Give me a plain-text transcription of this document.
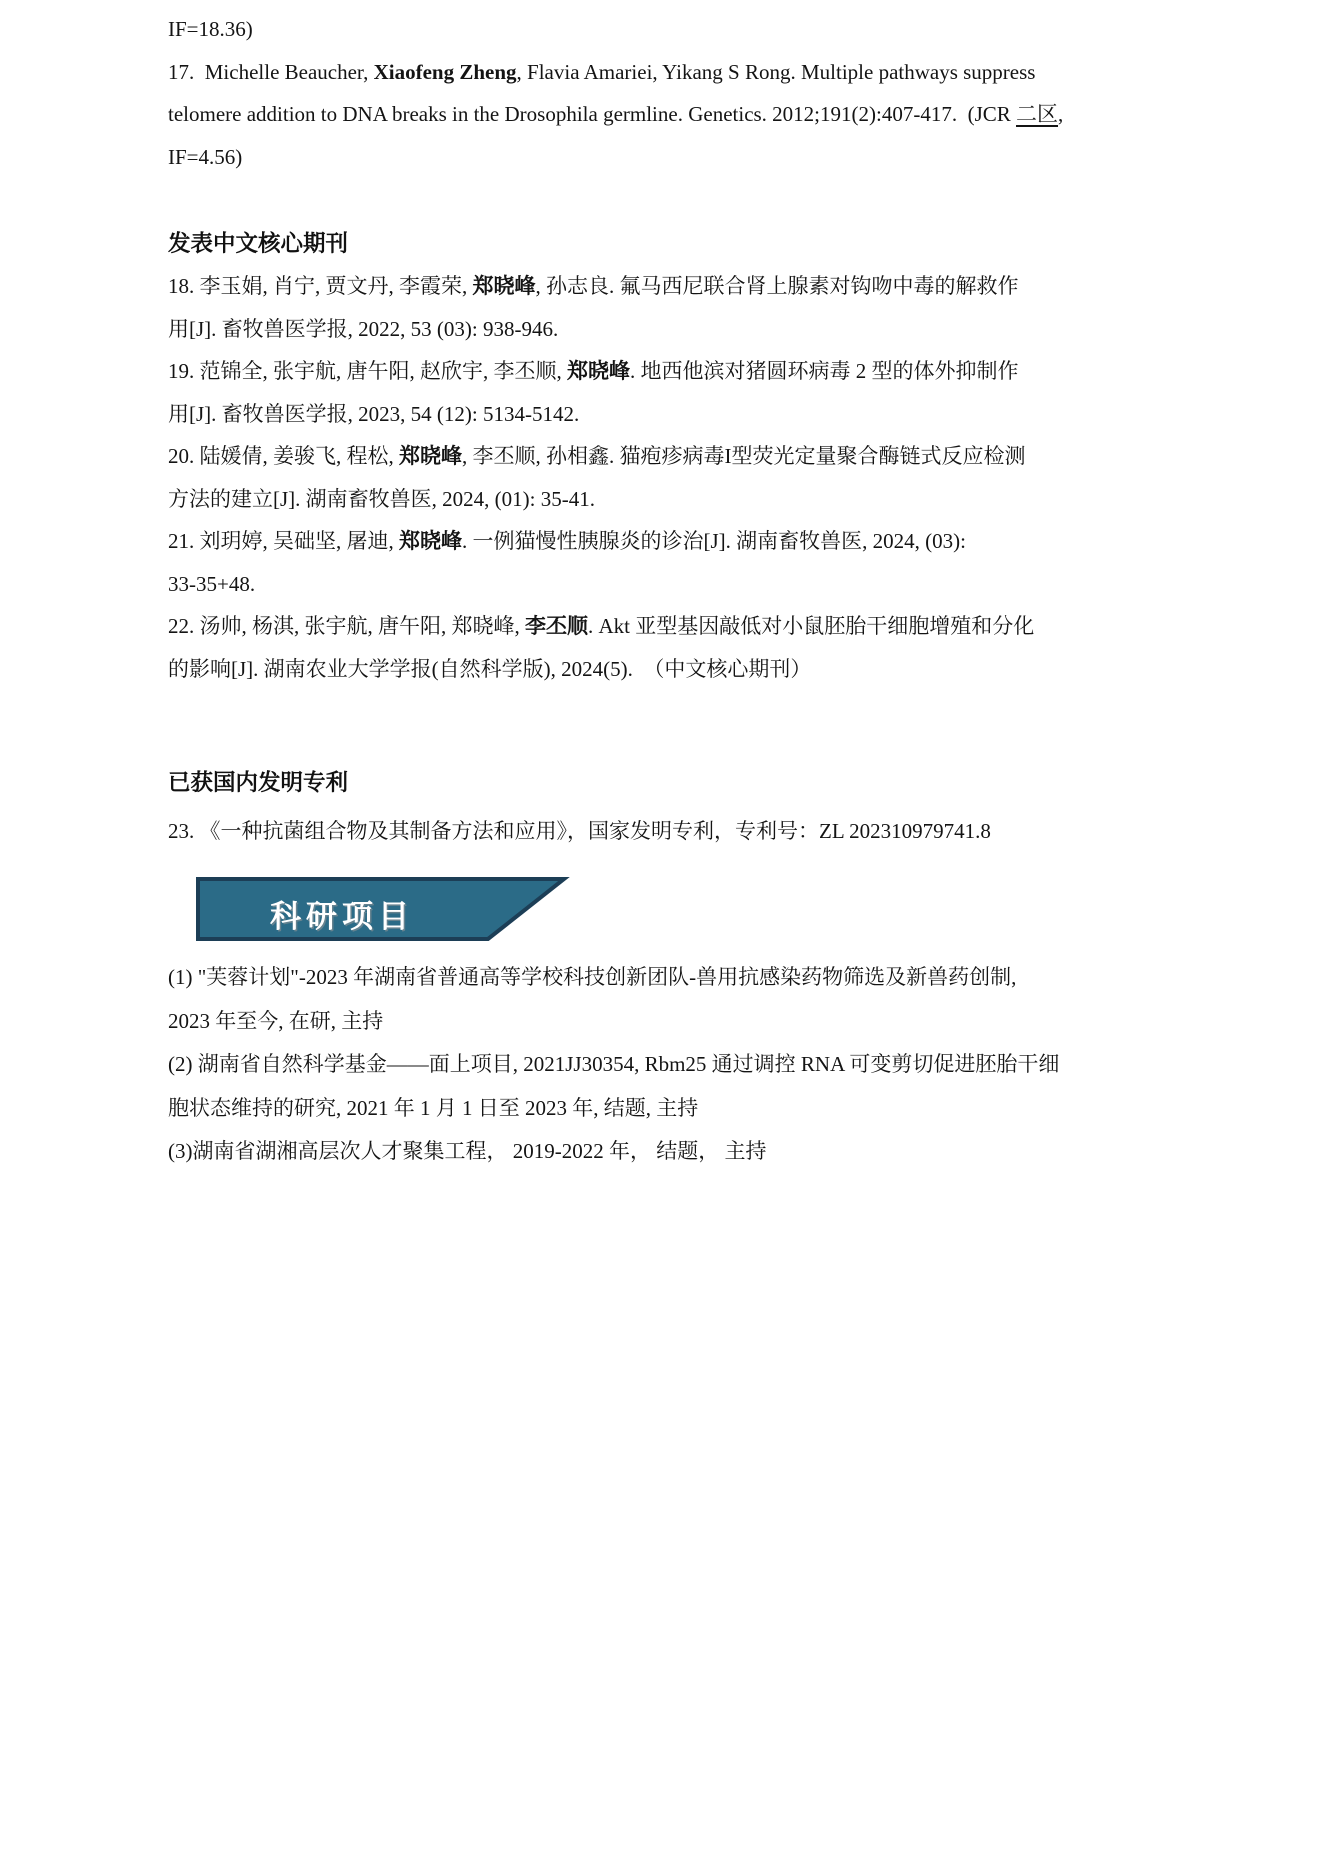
IF=18.36)
17.  Michelle Beaucher, Xiaofeng Zheng, Flavia Amariei, Yikang S Rong. Multiple pathways suppress
telomere addition to DNA breaks in the Drosophila germline. Genetics. 2012;191(2):407-417.  (JCR 二区,
IF=4.56)
发表中文核心期刊
18. 李玉娟, 肖宁, 贾文丹, 李霞荣, 郑晓峰, 孙志良. 氟马西尼联合肾上腺素对钩吻中毒的解救作
用[J]. 畜牧兽医学报, 2022, 53 (03): 938-946.
19. 范锦全, 张宇航, 唐午阳, 赵欣宇, 李丕顺, 郑晓峰. 地西他滨对猪圆环病毒 2 型的体外抑制作
用[J]. 畜牧兽医学报, 2023, 54 (12): 5134-5142.
20. 陆媛倩, 姜骏飞, 程松, 郑晓峰, 李丕顺, 孙相鑫. 猫疱疹病毒I型荧光定量聚合酶链式反应检测
方法的建立[J]. 湖南畜牧兽医, 2024, (01): 35-41.
21. 刘玥婷, 吴础坚, 屠迪, 郑晓峰. 一例猫慢性胰腺炎的诊治[J]. 湖南畜牧兽医, 2024, (03):
33-35+48.
22. 汤帅, 杨淇, 张宇航, 唐午阳, 郑晓峰, 李丕顺. Akt 亚型基因敲低对小鼠胚胎干细胞增殖和分化
的影响[J]. 湖南农业大学学报(自然科学版), 2024(5).  （中文核心期刊）
已获国内发明专利
23. 《一种抗菌组合物及其制备方法和应用》，国家发明专利，专利号：ZL 202310979741.8
科研项目
(1) "芙蓉计划"-2023 年湖南省普通高等学校科技创新团队-兽用抗感染药物筛选及新兽药创制,
2023 年至今, 在研, 主持
(2) 湖南省自然科学基金——面上项目, 2021JJ30354, Rbm25 通过调控 RNA 可变剪切促进胚胎干细
胞状态维持的研究, 2021 年 1 月 1 日至 2023 年, 结题, 主持
(3)湖南省湖湘高层次人才聚集工程， 2019-2022 年， 结题， 主持
